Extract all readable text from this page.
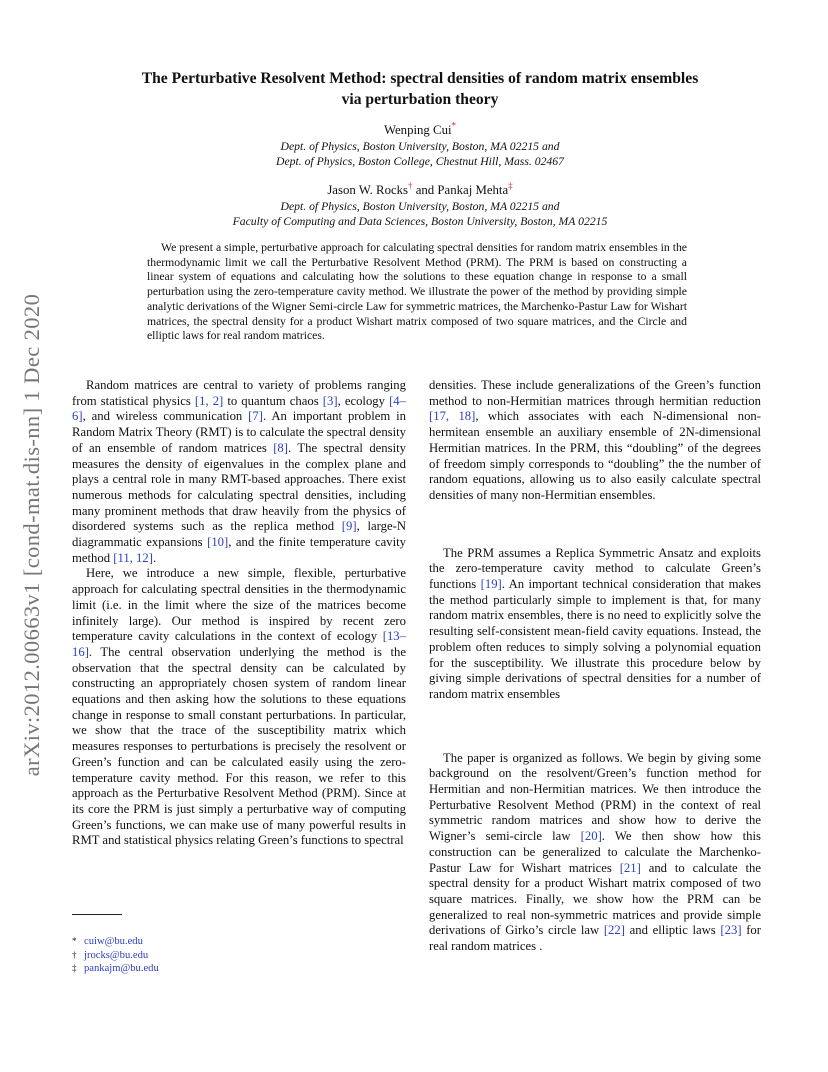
arXiv:2012.00663v1 [cond-mat.dis-nn] 1 Dec 2020
The Perturbative Resolvent Method: spectral densities of random matrix ensembles
via perturbation theory
Wenping Cui*
Dept. of Physics, Boston University, Boston, MA 02215 and
Dept. of Physics, Boston College, Chestnut Hill, Mass. 02467
Jason W. Rocks† and Pankaj Mehta‡
Dept. of Physics, Boston University, Boston, MA 02215 and
Faculty of Computing and Data Sciences, Boston University, Boston, MA 02215

We present a simple, perturbative approach for calculating spectral densities for random matrix ensembles in the thermodynamic limit we call the Perturbative Resolvent Method (PRM). The PRM is based on constructing a linear system of equations and calculating how the solutions to these equation change in response to a small perturbation using the zero-temperature cavity method. We illustrate the power of the method by providing simple analytic derivations of the Wigner Semi-circle Law for symmetric matrices, the Marchenko-Pastur Law for Wishart matrices, the spectral density for a product Wishart matrix composed of two square matrices, and the Circle and elliptic laws for real random matrices.

Random matrices are central to variety of problems ranging from statistical physics [1, 2] to quantum chaos [3], ecology [4–6], and wireless communication [7]. An important problem in Random Matrix Theory (RMT) is to calculate the spectral density of an ensemble of random matrices [8]. The spectral density measures the density of eigenvalues in the complex plane and plays a central role in many RMT-based approaches. There exist numerous methods for calculating spectral densities, including many prominent methods that draw heavily from the physics of disordered systems such as the replica method [9], large-N diagrammatic expansions [10], and the finite temperature cavity method [11, 12].

Here, we introduce a new simple, flexible, perturbative approach for calculating spectral densities in the thermodynamic limit (i.e. in the limit where the size of the matrices become infinitely large). Our method is inspired by recent zero temperature cavity calculations in the context of ecology [13–16]. The central observation underlying the method is the observation that the spectral density can be calculated by constructing an appropriately chosen system of random linear equations and then asking how the solutions to these equations change in response to small constant perturbations. In particular, we show that the trace of the susceptibility matrix which measures responses to perturbations is precisely the resolvent or Green’s function and can be calculated easily using the zero-temperature cavity method. For this reason, we refer to this approach as the Perturbative Resolvent Method (PRM). Since at its core the PRM is just simply a perturbative way of computing Green’s functions, we can make use of many powerful results in RMT and statistical physics relating Green’s functions to spectral

densities. These include generalizations of the Green’s function method to non-Hermitian matrices through hermitian reduction [17, 18], which associates with each N-dimensional non-hermitean ensemble an auxiliary ensemble of 2N-dimensional Hermitian matrices. In the PRM, this “doubling” of the degrees of freedom simply corresponds to “doubling” the the number of random equations, allowing us to also easily calculate spectral densities of many non-Hermitian ensembles.

The PRM assumes a Replica Symmetric Ansatz and exploits the zero-temperature cavity method to calculate Green’s functions [19]. An important technical consideration that makes the method particularly simple to implement is that, for many random matrix ensembles, there is no need to explicitly solve the resulting self-consistent mean-field cavity equations. Instead, the problem often reduces to simply solving a polynomial equation for the susceptibility. We illustrate this procedure below by giving simple derivations of spectral densities for a number of random matrix ensembles

The paper is organized as follows. We begin by giving some background on the resolvent/Green’s function method for Hermitian and non-Hermitian matrices. We then introduce the Perturbative Resolvent Method (PRM) in the context of real symmetric random matrices and show how to derive the Wigner’s semi-circle law [20]. We then show how this construction can be generalized to calculate the Marchenko-Pastur Law for Wishart matrices [21] and to calculate the spectral density for a product Wishart matrix composed of two square matrices. Finally, we show how the PRM can be generalized to real non-symmetric matrices and provide simple derivations of Girko’s circle law [22] and elliptic laws [23] for real random matrices .

* cuiw@bu.edu
† jrocks@bu.edu
‡ pankajm@bu.edu
